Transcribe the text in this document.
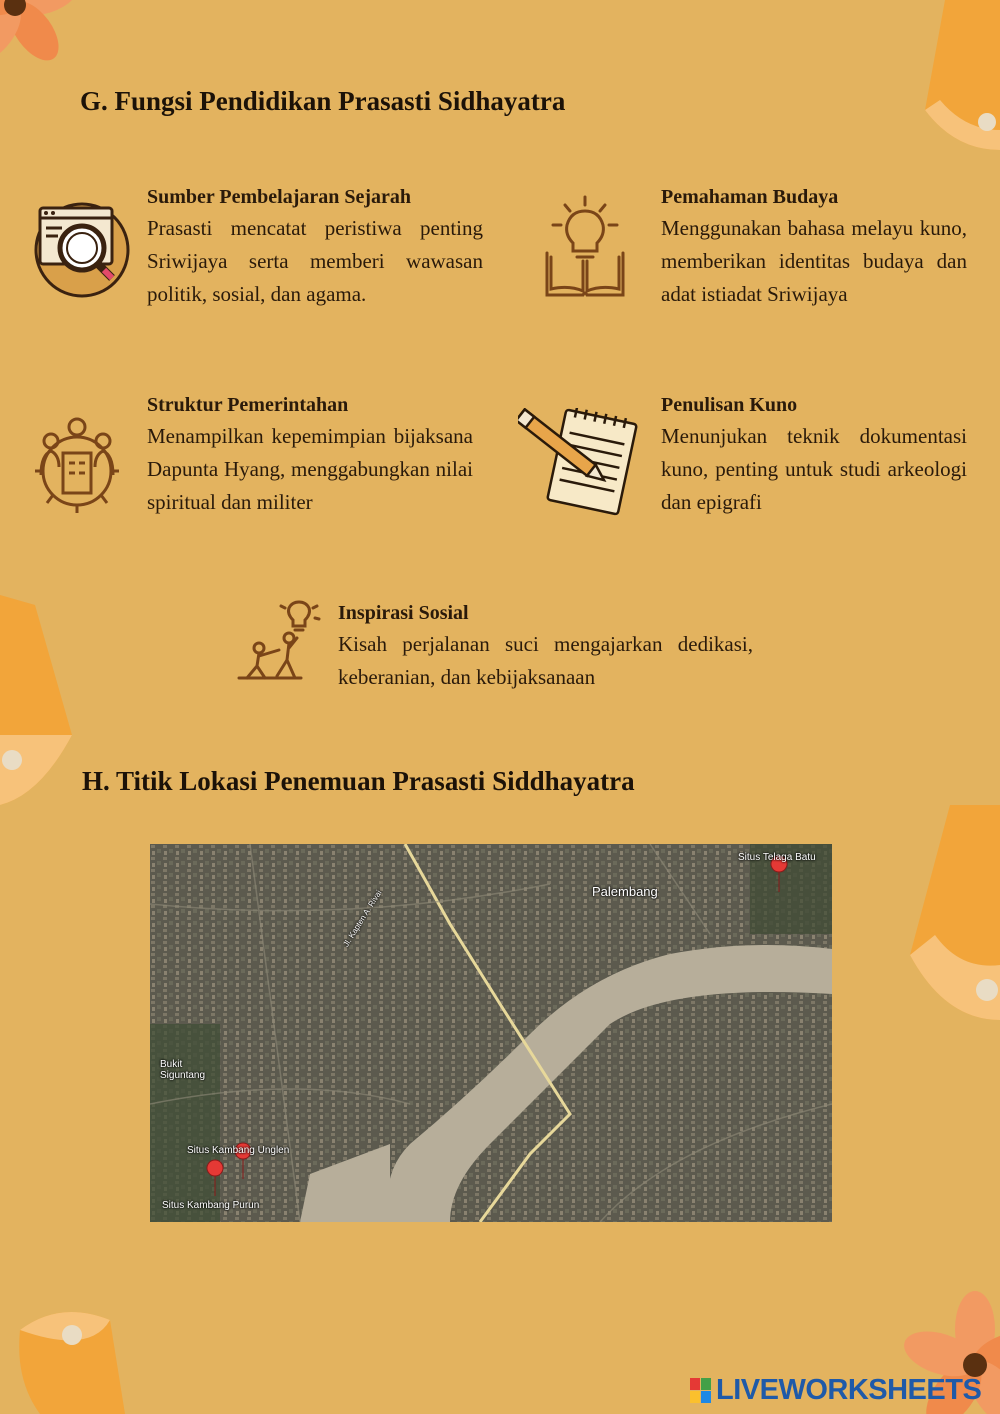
G. Fungsi Pendidikan Prasasti Sidhayatra
Sumber Pembelajaran Sejarah
Prasasti mencatat peristiwa penting Sriwijaya serta memberi wawasan politik, sosial, dan agama.
Pemahaman Budaya
Menggunakan bahasa melayu kuno, memberikan identitas budaya dan adat istiadat Sriwijaya
Struktur Pemerintahan
Menampilkan kepemimpian bijaksana Dapunta Hyang, menggabungkan nilai spiritual dan militer
Penulisan Kuno
Menunjukan teknik dokumentasi kuno, penting untuk studi arkeologi dan epigrafi
Inspirasi Sosial
Kisah perjalanan suci mengajarkan dedikasi, keberanian, dan kebijaksanaan
H. Titik Lokasi Penemuan Prasasti Siddhayatra
Palembang
Situs Telaga Batu
Bukit
Siguntang
Situs Kambang Unglen
Situs Kambang Purun
Jl. Kapten A. Rivai
LIVEWORKSHEETS
